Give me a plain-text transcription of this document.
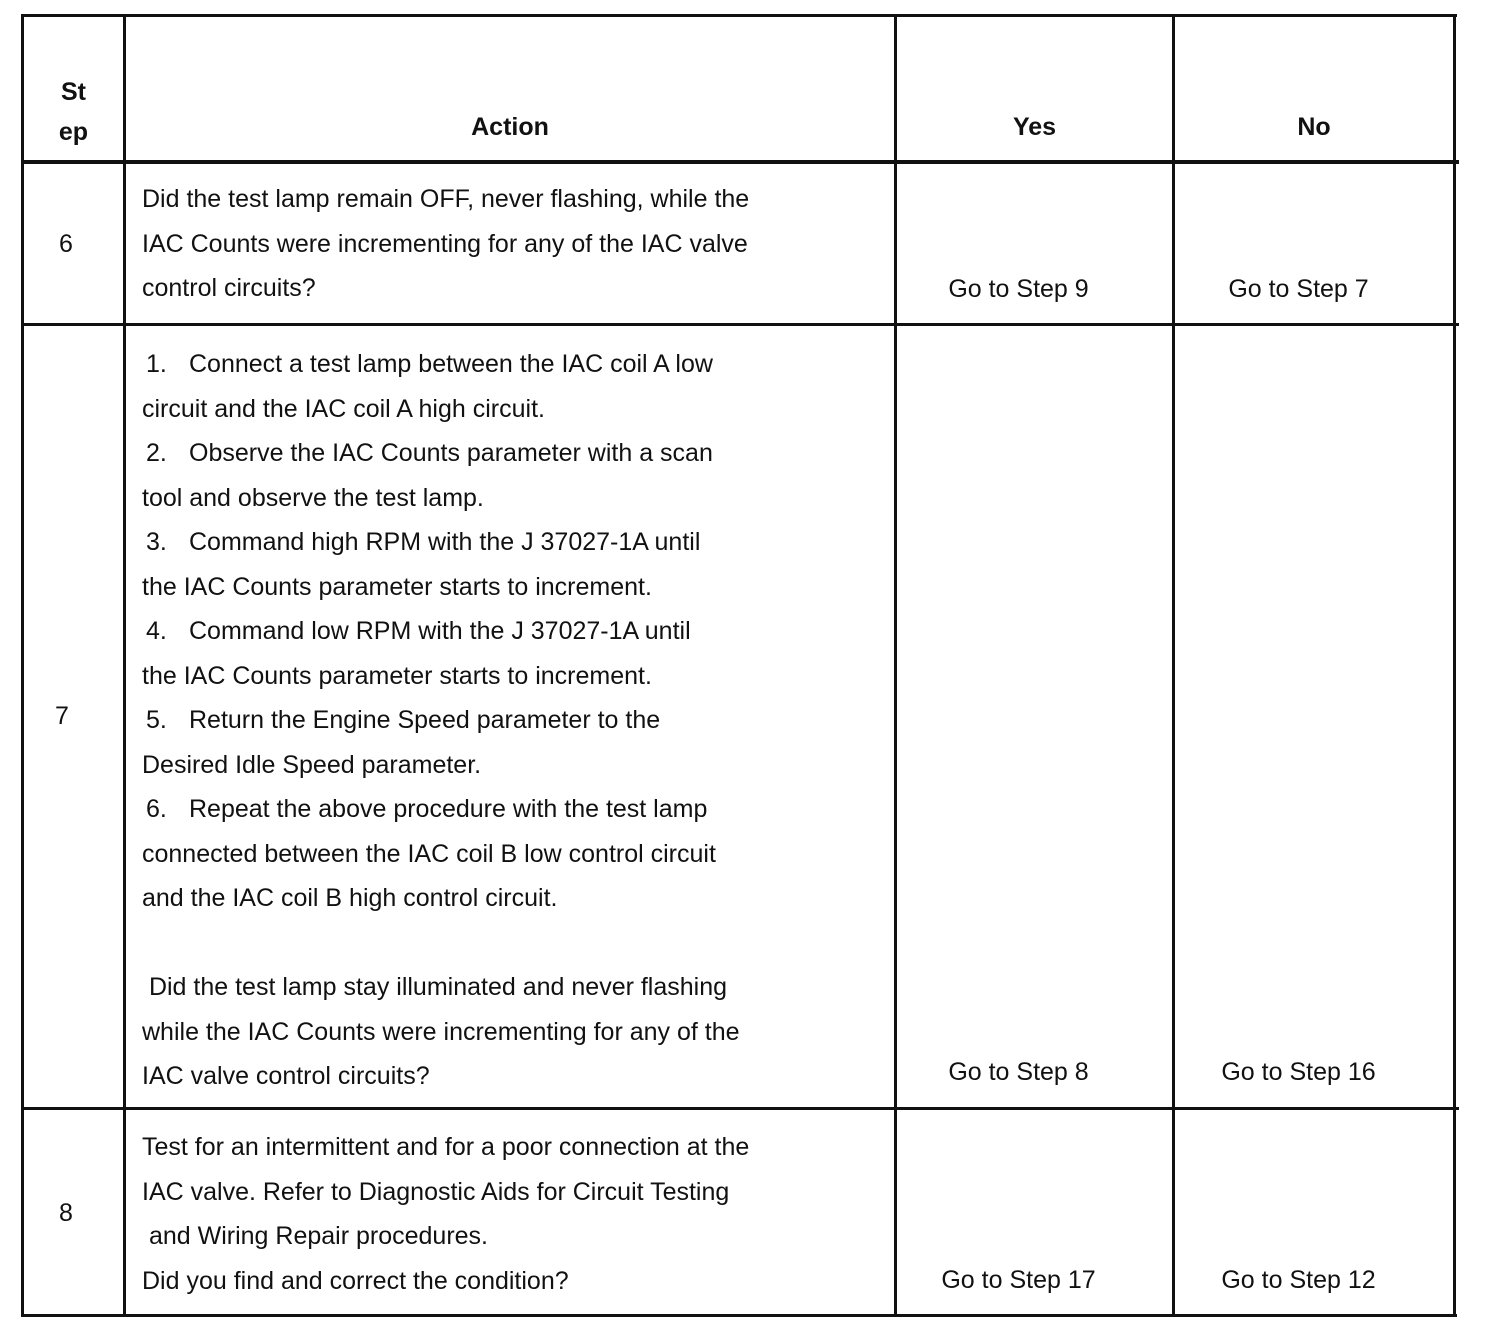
St
ep	Action	Yes	No
6

Did the test lamp remain OFF, never flashing, while the

IAC Counts were incrementing for any of the IAC valve

control circuits?	Go to Step 9	Go to Step 7
7

1. Connect a test lamp between the IAC coil A low

circuit and the IAC coil A high circuit.

2. Observe the IAC Counts parameter with a scan

tool and observe the test lamp.

3. Command high RPM with the J 37027-1A until

the IAC Counts parameter starts to increment.

4. Command low RPM with the J 37027-1A until

the IAC Counts parameter starts to increment.

5. Return the Engine Speed parameter to the

Desired Idle Speed parameter.

6. Repeat the above procedure with the test lamp

connected between the IAC coil B low control circuit

and the IAC coil B high control circuit.

Did the test lamp stay illuminated and never flashing

while the IAC Counts were incrementing for any of the

IAC valve control circuits?	Go to Step 8	Go to Step 16
8

Test for an intermittent and for a poor connection at the

IAC valve. Refer to Diagnostic Aids for Circuit Testing

and Wiring Repair procedures.

Did you find and correct the condition?	Go to Step 17	Go to Step 12
